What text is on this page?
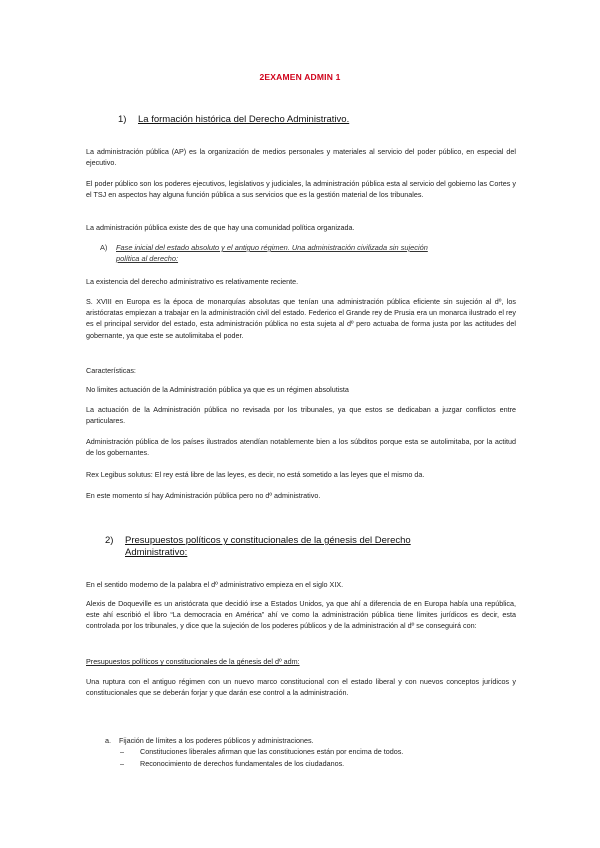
2EXAMEN ADMIN 1
1) La formación histórica del Derecho Administrativo.
La administración pública (AP) es la organización de medios personales y materiales al servicio del poder público, en especial del ejecutivo.
El poder público son los poderes ejecutivos, legislativos y judiciales, la administración pública esta al servicio del gobierno las Cortes y el TSJ en aspectos hay alguna función pública a sus servicios que es la gestión material de los tribunales.
La administración pública existe des de que hay una comunidad política organizada.
A) Fase inicial del estado absoluto y el antiguo régimen. Una administración civilizada sin sujeción
política al derecho:
La existencia del derecho administrativo es relativamente reciente.
S. XVIII en Europa es la época de monarquías absolutas que tenían una administración pública eficiente sin sujeción al dº, los aristócratas empiezan a trabajar en la administración civil del estado. Federico el Grande rey de Prusia era un monarca ilustrado el rey es el principal servidor del estado, esta administración pública no esta sujeta al dº pero actuaba de forma justa por las actitudes del gobernante, ya que este se autolimitaba el poder.
Características:
No limites actuación de la Administración pública ya que es un régimen absolutista
La actuación de la Administración pública no revisada por los tribunales, ya que estos se dedicaban a juzgar conflictos entre particulares.
Administración pública de los países ilustrados atendían notablemente bien a los súbditos porque esta se autolimitaba, por la actitud de los gobernantes.
Rex Legibus solutus: El rey está libre de las leyes, es decir, no está sometido a las leyes que el mismo da.
En este momento sí hay Administración pública pero no dº administrativo.
2) Presupuestos políticos y constitucionales de la génesis del Derecho
Administrativo:
En el sentido moderno de la palabra el dº administrativo empieza en el siglo XIX.
Alexis de Doqueville es un aristócrata que decidió irse a Estados Unidos, ya que ahí a diferencia de en Europa había una república, este ahí escribió el libro “La democracia en América” ahí ve como la administración pública tiene límites jurídicos es decir, esta controlada por los tribunales, y dice que la sujeción de los poderes públicos y de la administración al dº se conseguirá con:
Presupuestos políticos y constitucionales de la génesis del dº adm:
Una ruptura con el antiguo régimen con un nuevo marco constitucional con el estado liberal y con nuevos conceptos jurídicos y constitucionales que se deberán forjar y que darán ese control a la administración.
a. Fijación de límites a los poderes públicos y administraciones.
– Constituciones liberales afirman que las constituciones están por encima de todos.
– Reconocimiento de derechos fundamentales de los ciudadanos.
